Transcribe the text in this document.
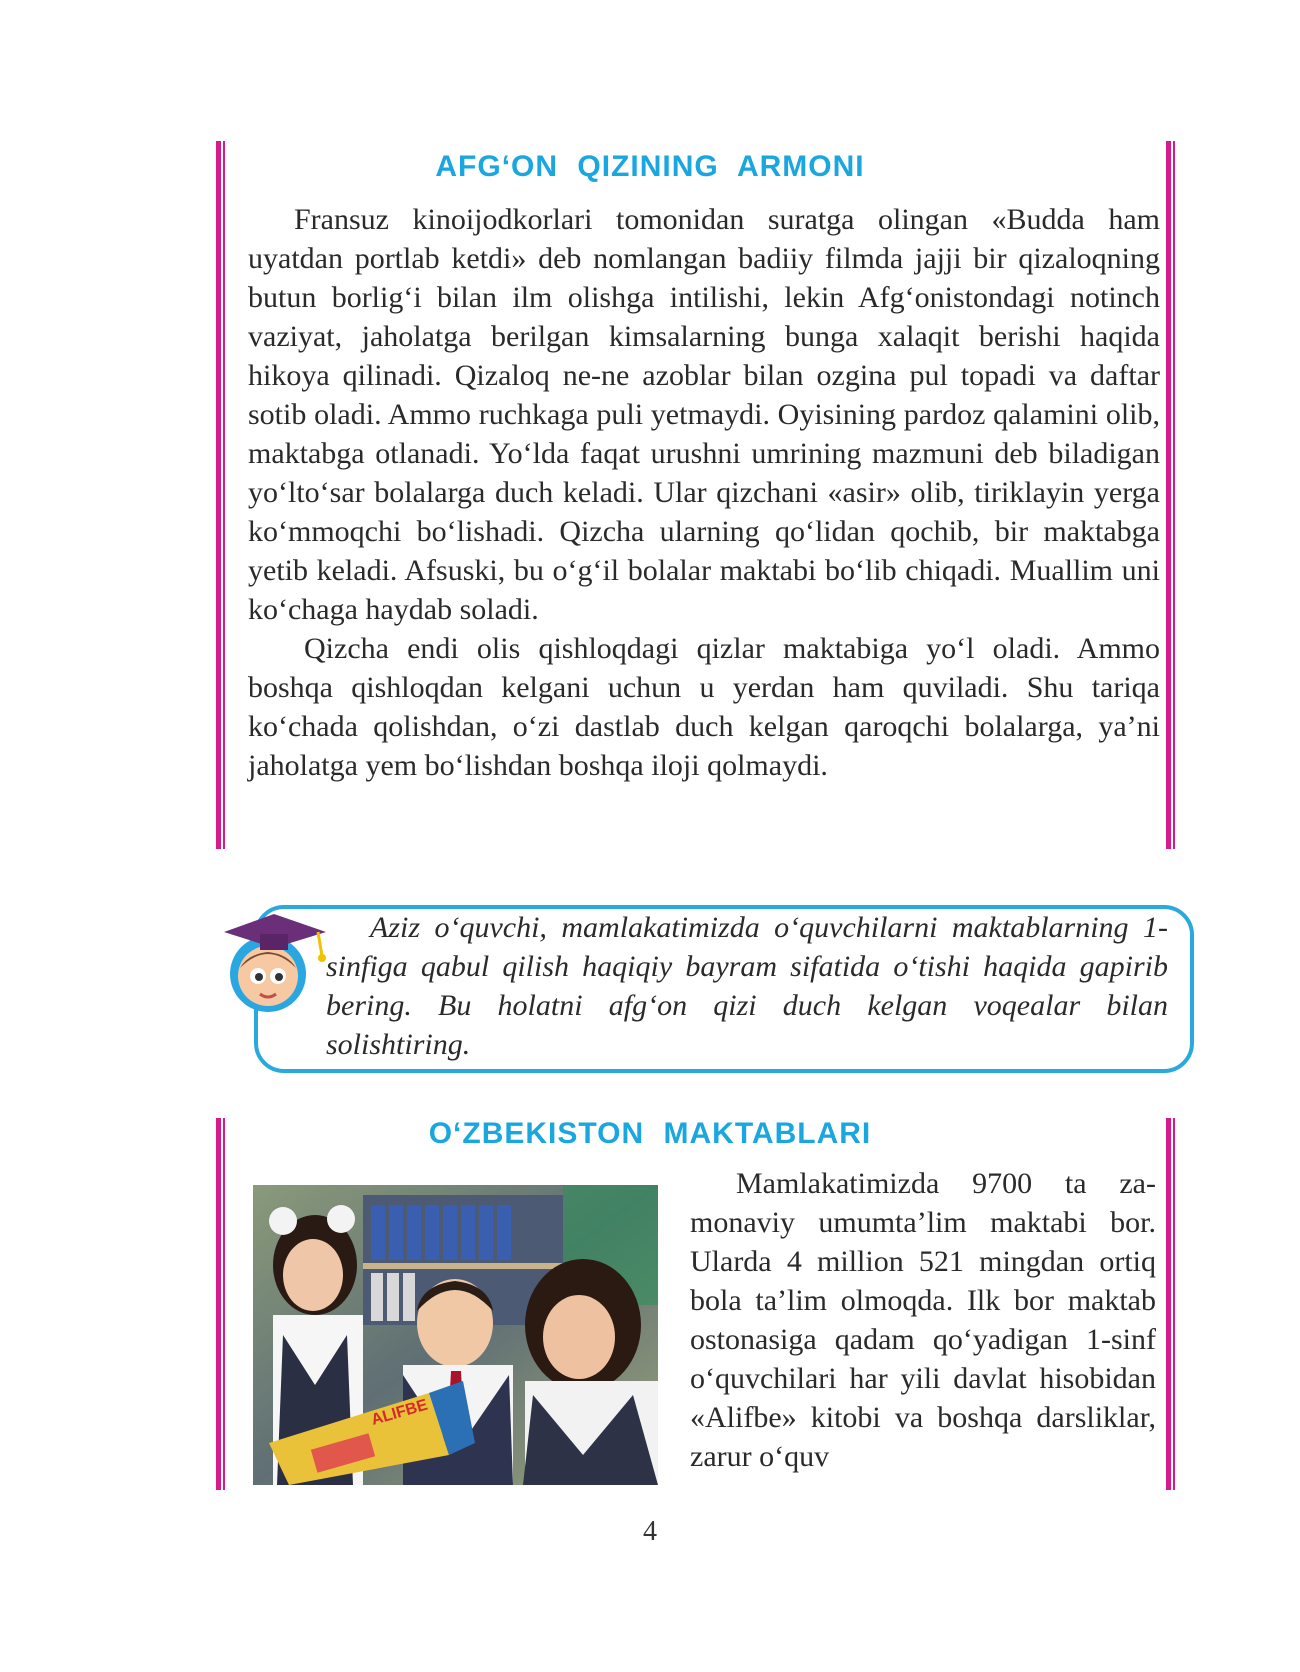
AFG‘ON QIZINING ARMONI

Fransuz kinoijodkorlari tomonidan suratga olingan «Budda ham uyatdan portlab ketdi» deb nomlangan badiiy filmda jajji bir qizaloqning butun borlig‘i bilan ilm olishga intilishi, lekin Afg‘onistondagi notinch vaziyat, jaholatga berilgan kimsalarning bunga xalaqit berishi haqida hikoya qilinadi. Qizaloq ne-ne azoblar bilan ozgina pul topadi va daftar sotib oladi. Ammo ruchkaga puli yetmaydi. Oyisining pardoz qalamini olib, maktabga otlanadi. Yo‘lda faqat urushni umrining mazmuni deb biladigan yo‘lto‘sar bolalarga duch keladi. Ular qizchani «asir» olib, tiriklayin yerga ko‘mmoqchi bo‘lishadi. Qizcha ularning qo‘lidan qochib, bir maktabga yetib keladi. Afsuski, bu o‘g‘il bolalar maktabi bo‘lib chiqadi. Muallim uni ko‘chaga haydab soladi.

Qizcha endi olis qishloqdagi qizlar maktabiga yo‘l oladi. Ammo boshqa qishloqdan kelgani uchun u yerdan ham quviladi. Shu tariqa ko‘chada qolishdan, o‘zi dastlab duch kelgan qaroqchi bolalarga, ya’ni jaholatga yem bo‘lishdan boshqa iloji qolmaydi.

Aziz o‘quvchi, mamlakatimizda o‘quvchilarni maktablarning 1-sinfiga qabul qilish haqiqiy bayram sifatida o‘tishi haqida gapirib bering. Bu holatni afg‘on qizi duch kelgan voqealar bilan solishtiring.

O‘ZBEKISTON MAKTABLARI
ALIFBE

Mamlakatimizda 9700 ta zamonaviy umumta’lim maktabi bor. Ularda 4 million 521 mingdan ortiq bola ta’lim olmoqda. Ilk bor maktab ostonasiga qadam qo‘yadigan 1-sinf o‘quvchilari har yili davlat hisobidan «Alifbe» kitobi va boshqa darsliklar, zarur o‘quv

4
